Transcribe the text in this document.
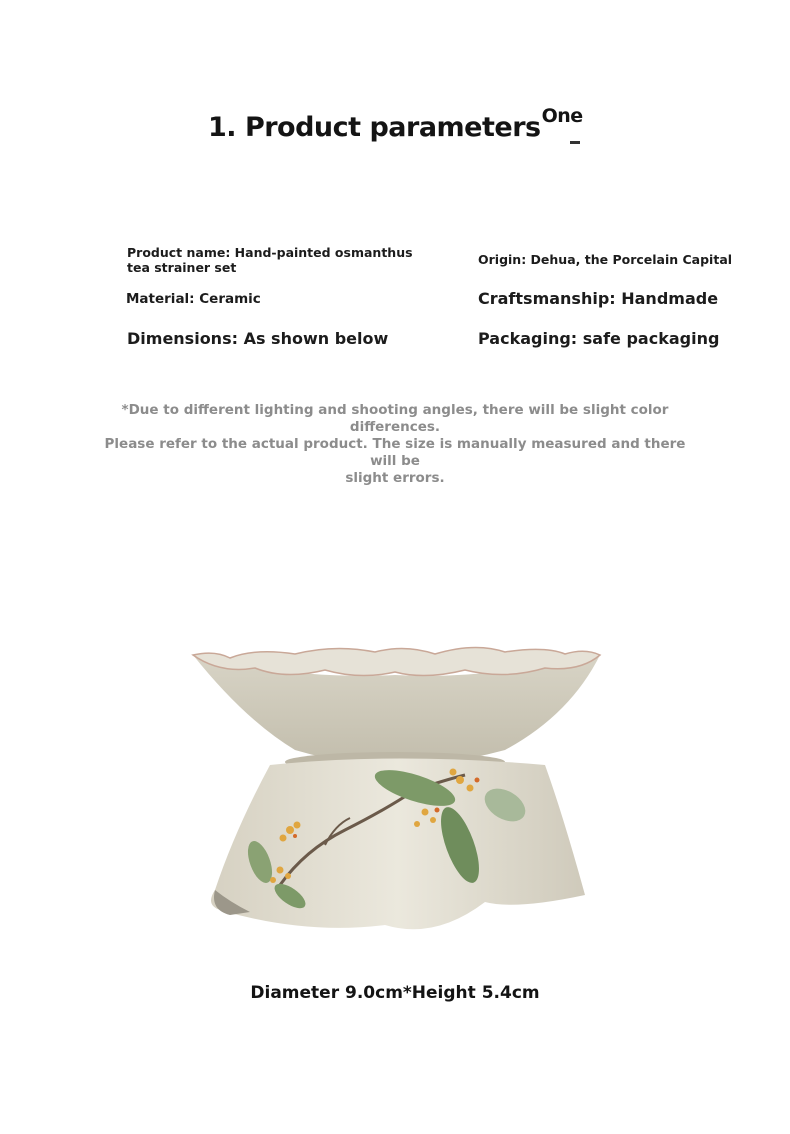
1. Product parameters One
Product name: Hand-painted osmanthus tea strainer set
Origin: Dehua, the Porcelain Capital
Material: Ceramic	Craftsmanship: Handmade
Dimensions: As shown below	Packaging: safe packaging
*Due to different lighting and shooting angles, there will be slight color differences.
Please refer to the actual product. The size is manually measured and there will be
slight errors.
Diameter 9.0cm*Height 5.4cm
